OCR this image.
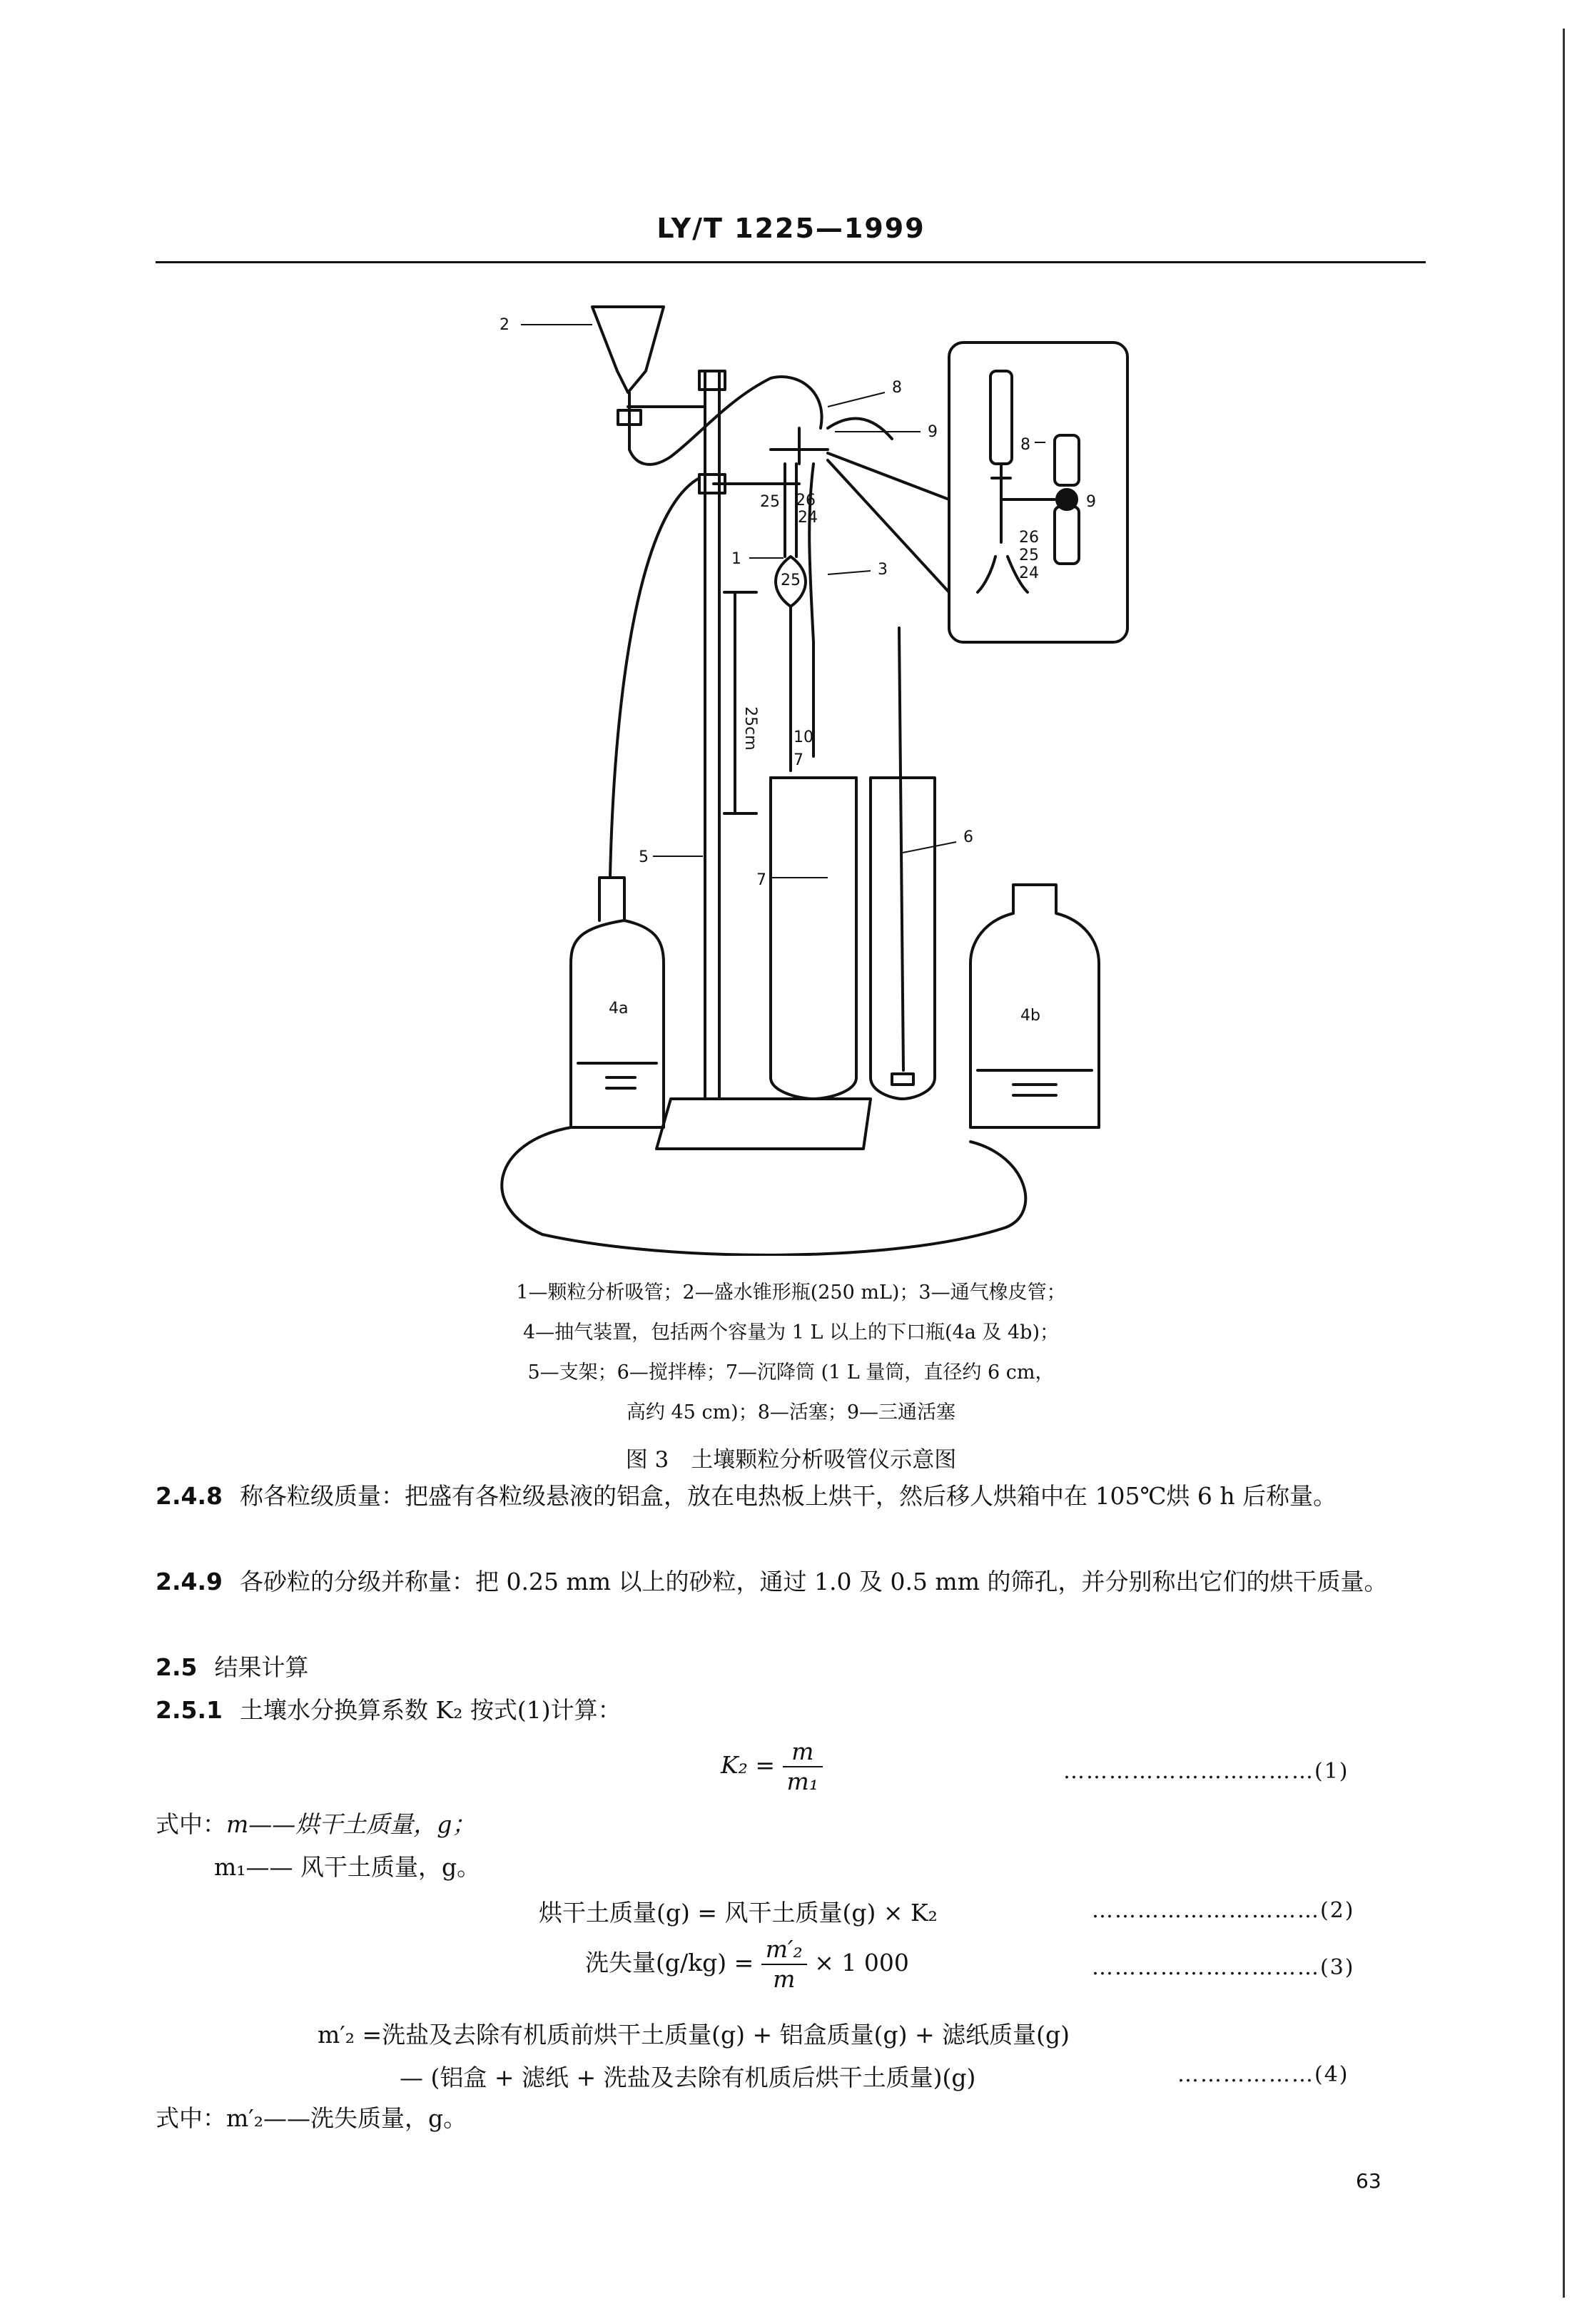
LY/T 1225—1999
2
8
9
25 26
24
1
25
3
25cm 10
7
6
5
7
4a	4b
8
9
26
25
24
1—颗粒分析吸管；2—盛水锥形瓶(250 mL)；3—通气橡皮管；
4—抽气装置，包括两个容量为 1 L 以上的下口瓶(4a 及 4b)；
5—支架；6—搅拌棒；7—沉降筒 (1 L 量筒，直径约 6 cm，
高约 45 cm)；8—活塞；9—三通活塞
图 3　土壤颗粒分析吸管仪示意图
2.4.8 称各粒级质量：把盛有各粒级悬液的铝盒，放在电热板上烘干，然后移人烘箱中在 105℃烘 6 h 后称量。
2.4.9 各砂粒的分级并称量：把 0.25 mm 以上的砂粒，通过 1.0 及 0.5 mm 的筛孔，并分别称出它们的烘干质量。
2.5 结果计算
2.5.1 土壤水分换算系数 K₂ 按式(1)计算：
$K_2 = \frac{m}{\text{m₁}}$	……………………………(1)
式中：m——烘干土质量，g；
m₁—— 风干土质量，g。
烘干土质量(g) = 风干土质量(g) × K₂	…………………………(2)
洗失量$(g/kg) = \frac{\text{m′₂}}{m} \times 1$ 000	…………………………(3)
m′₂ =洗盐及去除有机质前烘干土质量(g) + 铝盒质量(g) + 滤纸质量(g)
— (铝盒 + 滤纸 + 洗盐及去除有机质后烘干土质量)(g)	………………(4)
式中：m′₂——洗失质量，g。
63
